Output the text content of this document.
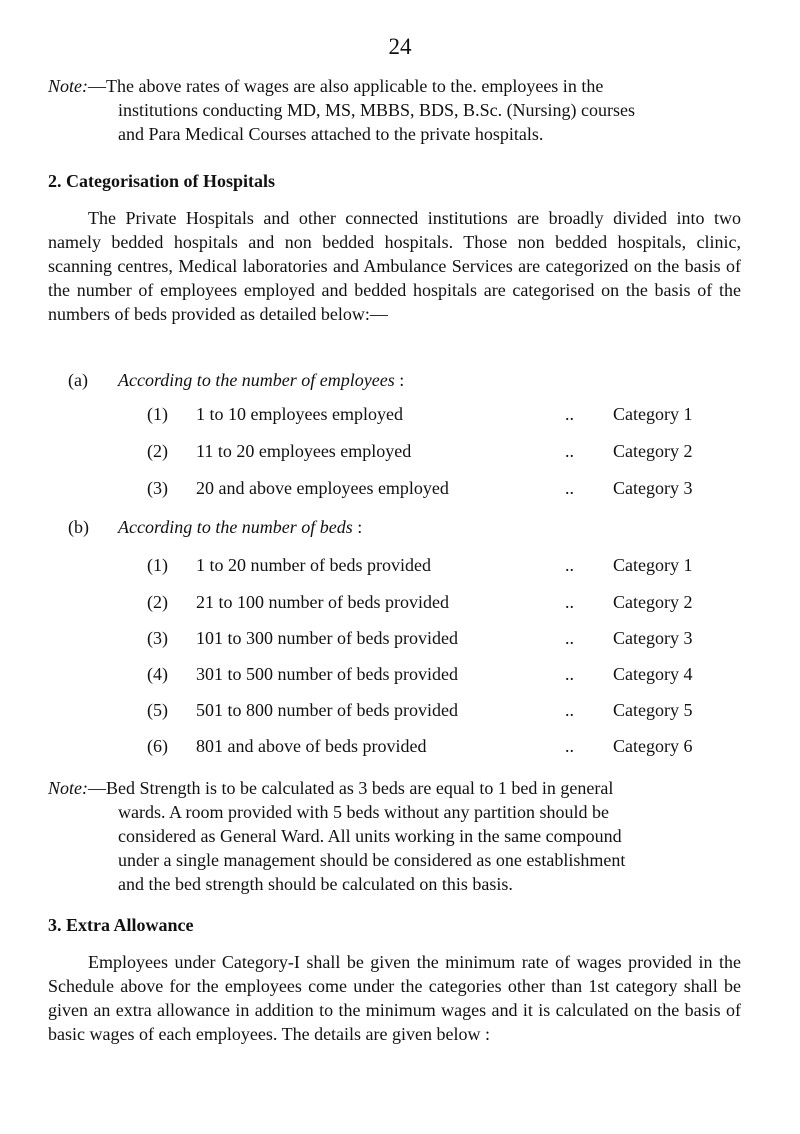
24
Note:—The above rates of wages are also applicable to the. employees in the
institutions conducting MD, MS, MBBS, BDS, B.Sc. (Nursing) courses
and Para Medical Courses attached to the private hospitals.
2. Categorisation of Hospitals
The Private Hospitals and other connected institutions are broadly divided into two namely bedded hospitals and non bedded hospitals. Those non bedded hospitals, clinic, scanning centres, Medical laboratories and Ambulance Services are categorized on the basis of the number of employees employed and bedded hospitals are categorised on the basis of the numbers of beds provided as detailed below:—
(a) According to the number of employees :
(1) 1 to 10 employees employed	.. Category 1
(2) 11 to 20 employees employed	.. Category 2
(3) 20 and above employees employed	.. Category 3
(b) According to the number of beds :
(1) 1 to 20 number of beds provided	.. Category 1
(2) 21 to 100 number of beds provided	.. Category 2
(3) 101 to 300 number of beds provided	.. Category 3
(4) 301 to 500 number of beds provided	.. Category 4
(5) 501 to 800 number of beds provided	.. Category 5
(6) 801 and above of beds provided	.. Category 6
Note:—Bed Strength is to be calculated as 3 beds are equal to 1 bed in general
wards. A room provided with 5 beds without any partition should be
considered as General Ward. All units working in the same compound
under a single management should be considered as one establishment
and the bed strength should be calculated on this basis.
3. Extra Allowance
Employees under Category-I shall be given the minimum rate of wages provided in the Schedule above for the employees come under the categories other than 1st category shall be given an extra allowance in addition to the minimum wages and it is calculated on the basis of basic wages of each employees. The details are given below :
